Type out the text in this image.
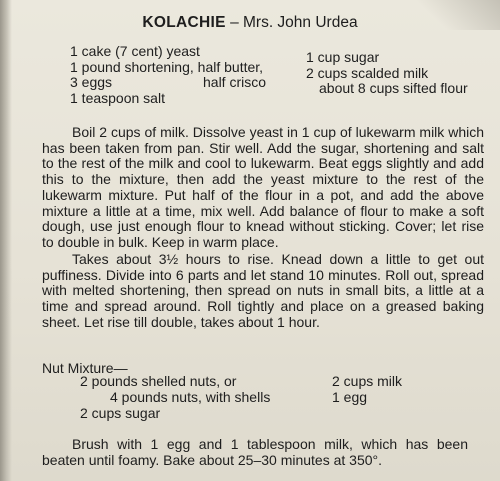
KOLACHIE – Mrs. John Urdea
1 cake (7 cent) yeast
1 pound shortening, half butter,
3 eggs
1 teaspoon salt
half crisco
1 cup sugar
2 cups scalded milk
about 8 cups sifted flour
Boil 2 cups of milk. Dissolve yeast in 1 cup of lukewarm milk which has been taken from pan. Stir well. Add the sugar, shortening and salt to the rest of the milk and cool to lukewarm. Beat eggs slightly and add this to the mixture, then add the yeast mixture to the rest of the lukewarm mixture. Put half of the flour in a pot, and add the above mixture a little at a time, mix well. Add balance of flour to make a soft dough, use just enough flour to knead without sticking. Cover; let rise to double in bulk. Keep in warm place.
Takes about 3½ hours to rise. Knead down a little to get out puffiness. Divide into 6 parts and let stand 10 minutes. Roll out, spread with melted shortening, then spread on nuts in small bits, a little at a time and spread around. Roll tightly and place on a greased baking sheet. Let rise till double, takes about 1 hour.
Nut Mixture—
2 pounds shelled nuts, or
4 pounds nuts, with shells
2 cups sugar
2 cups milk
1 egg
Brush with 1 egg and 1 tablespoon milk, which has been beaten until foamy. Bake about 25–30 minutes at 350°.
